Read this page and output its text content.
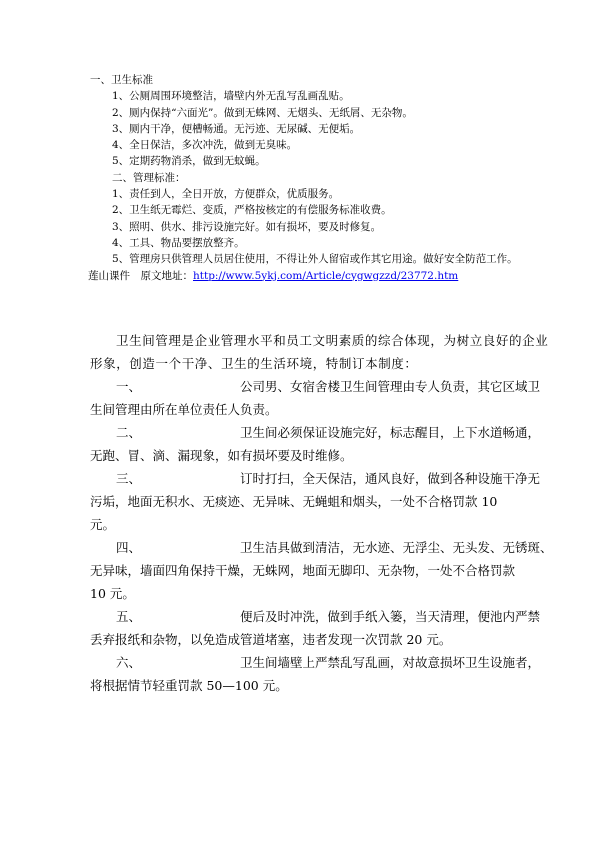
一、卫生标准
1、公厕周围环境整洁，墙壁内外无乱写乱画乱贴。
2、厕内保持“六面光”。做到无蛛网、无烟头、无纸屑、无杂物。
3、厕内干净，便槽畅通。无污迹、无尿碱、无便垢。
4、全日保洁，多次冲洗，做到无臭味。
5、定期药物消杀，做到无蚊蝇。
二、管理标准：
1、责任到人，全日开放，方便群众，优质服务。
2、卫生纸无霉烂、变质，严格按核定的有偿服务标准收费。
3、照明、供水、排污设施完好。如有损坏，要及时修复。
4、工具、物品要摆放整齐。
5、管理房只供管理人员居住使用，不得让外人留宿或作其它用途。做好安全防范工作。
莲山课件　原文地址：http://www.5ykj.com/Article/cygwgzzd/23772.htm

卫生间管理是企业管理水平和员工文明素质的综合体现，为树立良好的企业
形象，创造一个干净、卫生的生活环境，特制订本制度：

一、	公司男、女宿舍楼卫生间管理由专人负责，其它区域卫
生间管理由所在单位责任人负责。

二、	卫生间必须保证设施完好，标志醒目，上下水道畅通，
无跑、冒、滴、漏现象，如有损坏要及时维修。

三、	订时打扫，全天保洁，通风良好，做到各种设施干净无
污垢，地面无积水、无痰迹、无异味、无蝇蛆和烟头，一处不合格罚款 10 元。

四、	卫生洁具做到清洁，无水迹、无浮尘、无头发、无锈斑、
无异味，墙面四角保持干燥，无蛛网，地面无脚印、无杂物，一处不合格罚款 10 元。

五、	便后及时冲洗，做到手纸入篓，当天清理，便池内严禁
丢弃报纸和杂物，以免造成管道堵塞，违者发现一次罚款 20 元。

六、	卫生间墙壁上严禁乱写乱画，对故意损坏卫生设施者，
将根据情节轻重罚款 50—100 元。
